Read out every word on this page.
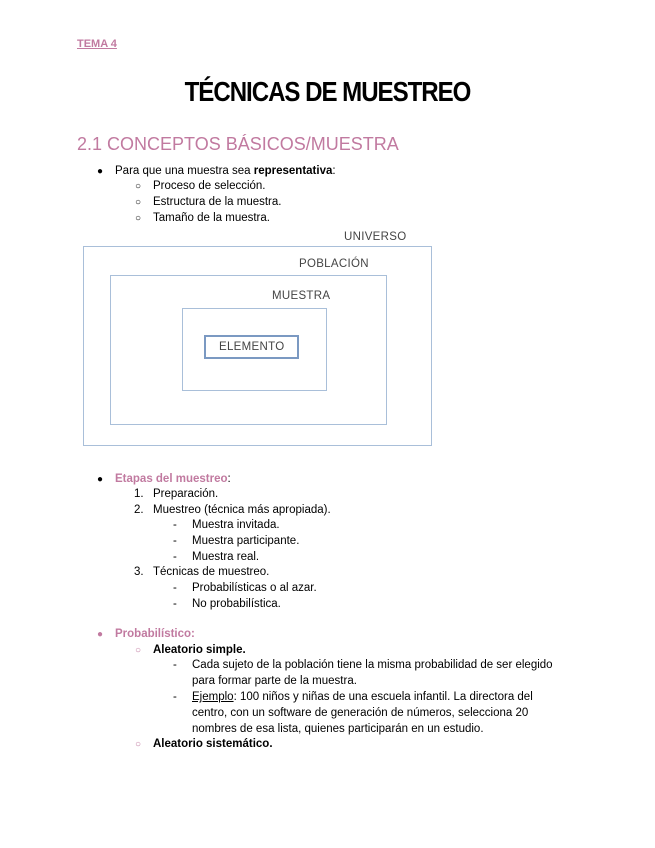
TEMA 4
TÉCNICAS DE MUESTREO
2.1 CONCEPTOS BÁSICOS/MUESTRA
● Para que una muestra sea representativa:
○ Proceso de selección.
○ Estructura de la muestra.
○ Tamaño de la muestra.
UNIVERSO
POBLACIÓN
MUESTRA
ELEMENTO
● Etapas del muestreo:
1. Preparación.
2. Muestreo (técnica más apropiada).
- Muestra invitada.
- Muestra participante.
- Muestra real.
3. Técnicas de muestreo.
- Probabilísticas o al azar.
- No probabilística.
● Probabilístico:
○ Aleatorio simple.
- Cada sujeto de la población tiene la misma probabilidad de ser elegido
para formar parte de la muestra.
- Ejemplo: 100 niños y niñas de una escuela infantil. La directora del
centro, con un software de generación de números, selecciona 20
nombres de esa lista, quienes participarán en un estudio.
○ Aleatorio sistemático.
